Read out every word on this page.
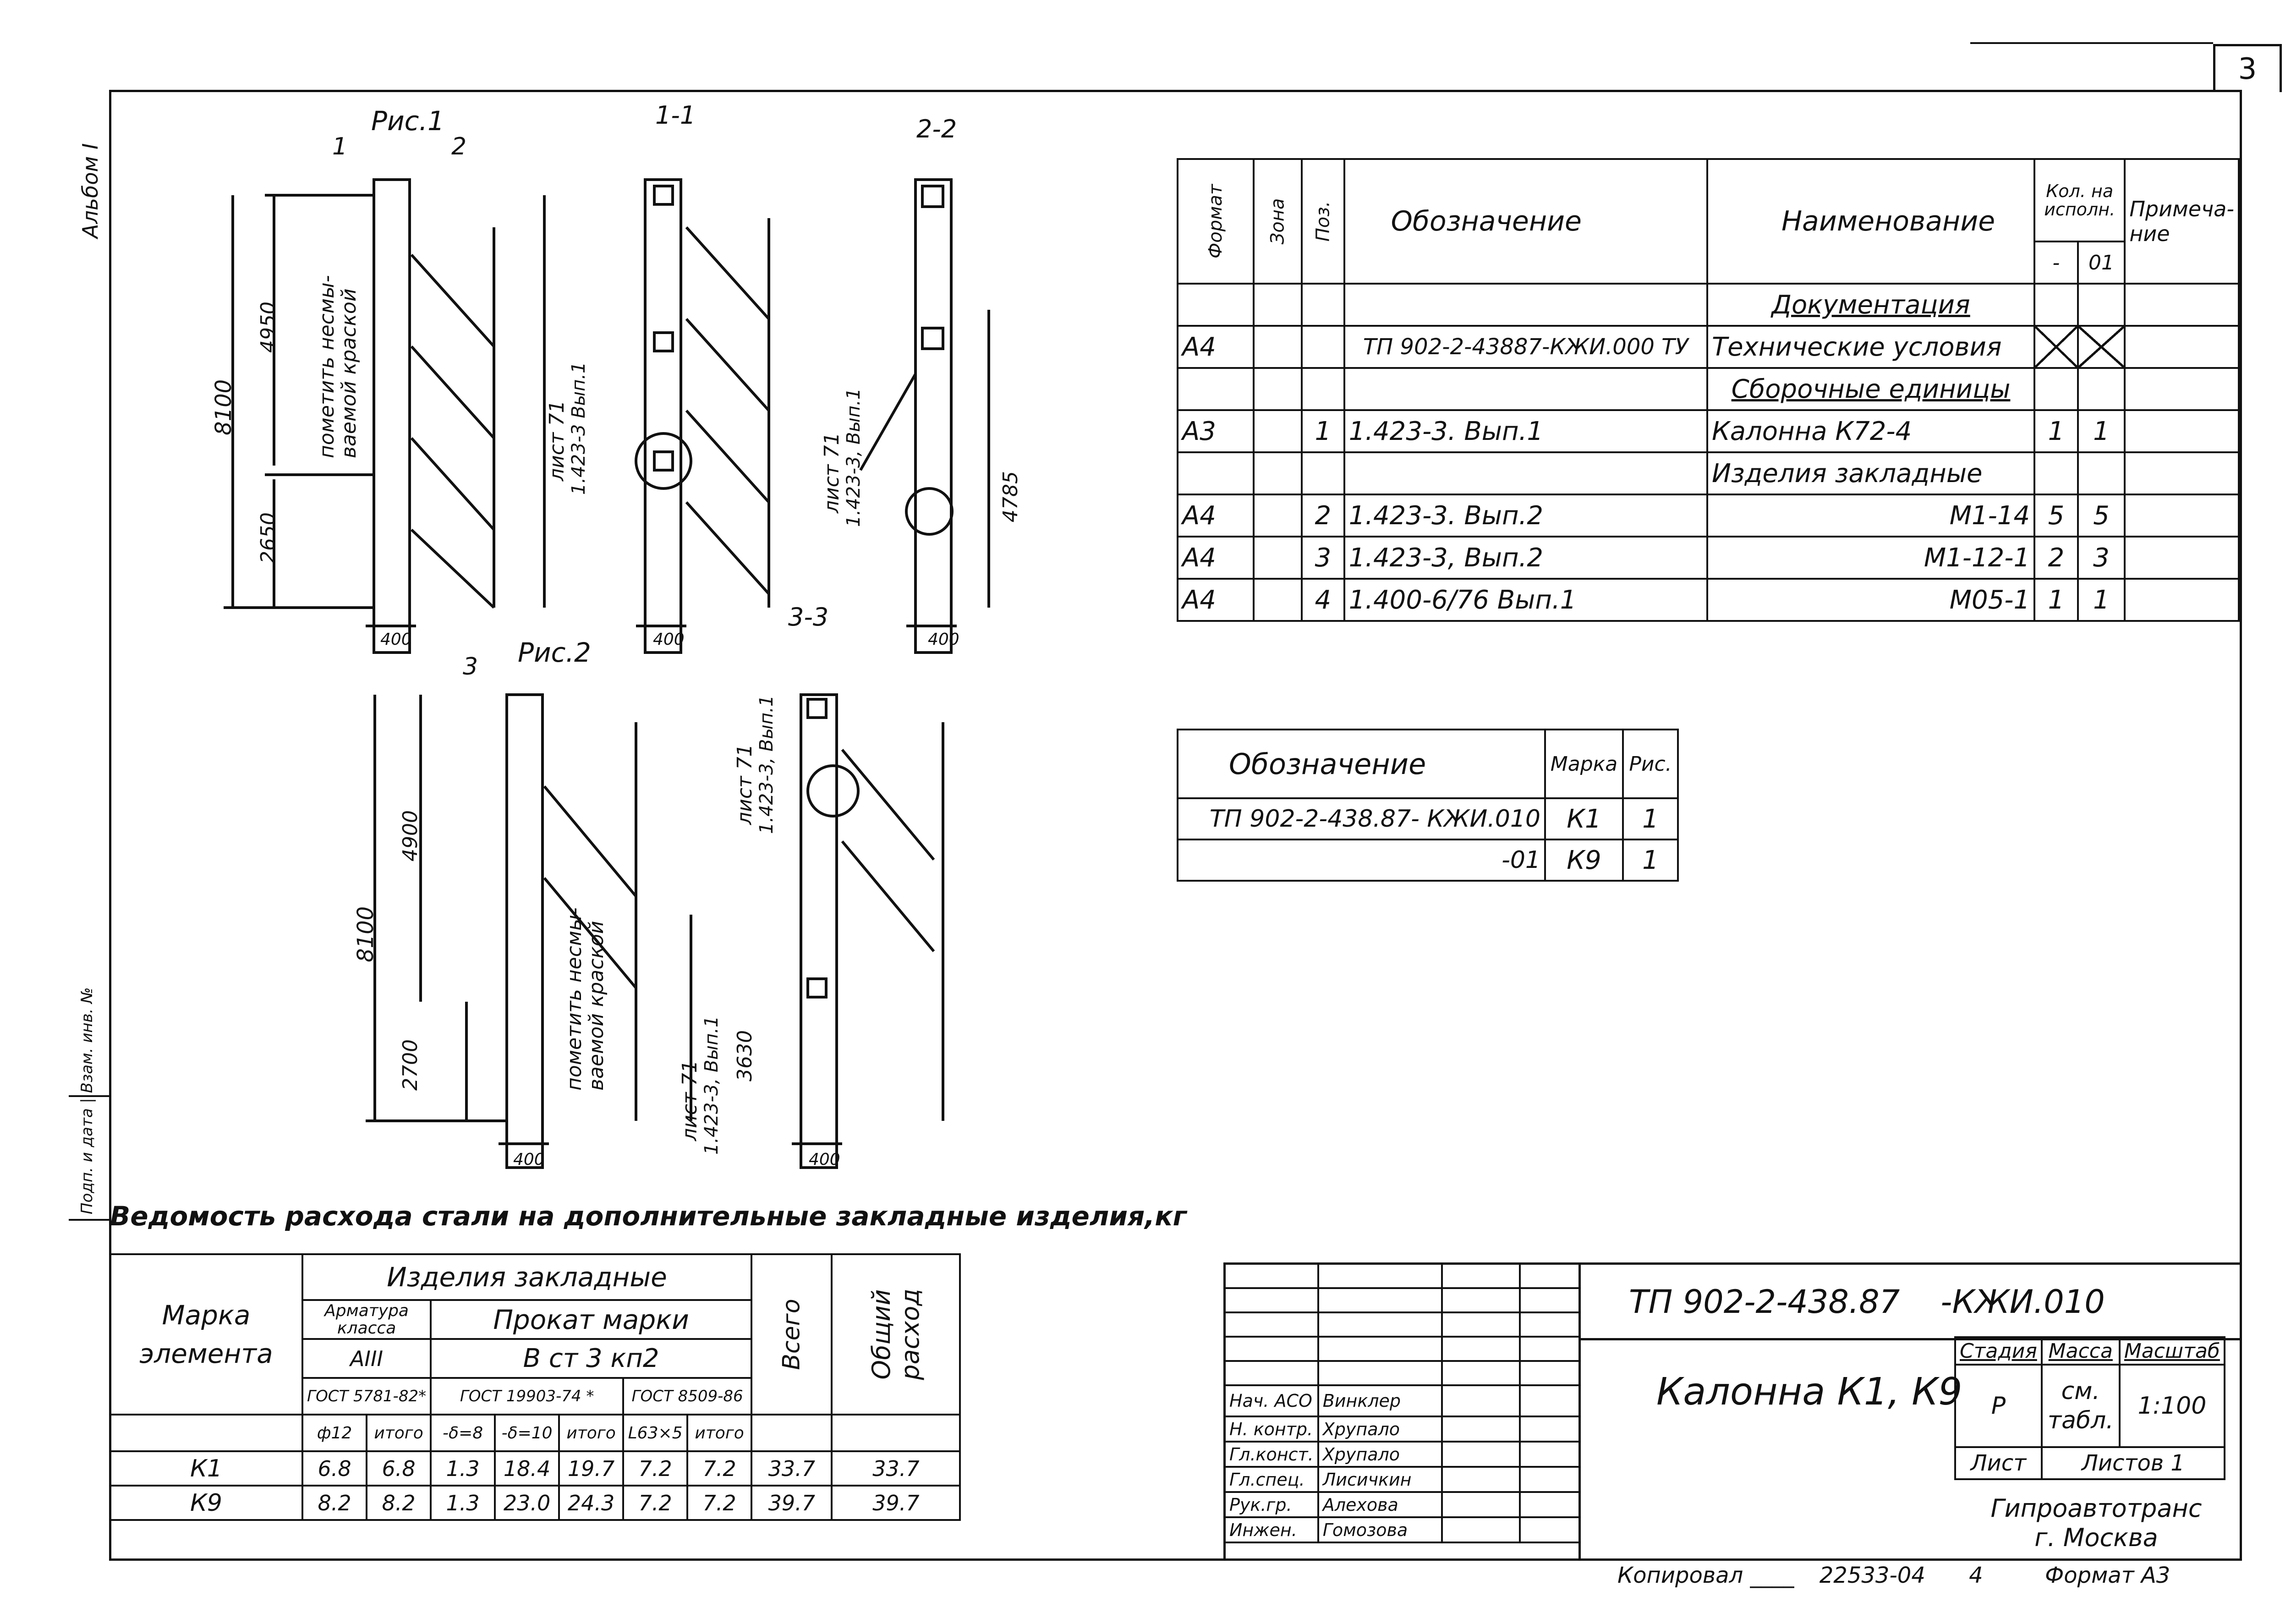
3
Альбом I
Подп. и дата | Взам. инв. №
Рис.1	1-1	2-2
3-3
Рис.2
1	2
3
8100
4950
2650
пометить несмы- ваемой краской	лист 71 1.423-3 Вып.1	лист 71 1.423-3, Вып.1
пометить несмы- ваемой краской
лист 71 1.423-3, Вып.1
лист 71 1.423-3, Вып.1
8100
4900
2700
4785
3630
400	400	400
400	400
Формат	Зона	Поз.	Обозначение	Наименование	Кол. на исполн.		Примеча- ние
					-	01	
				Документация			
А4			ТП 902-2-43887-КЖИ.000 ТУ	Технические условия			
				Сборочные единицы			
А3		1	1.423-3. Вып.1	Калонна К72-4	1	1	
				Изделия закладные			
А4		2	1.423-3. Вып.2	М1-14	5	5	
А4		3	1.423-3, Вып.2	М1-12-1	2	3	
А4		4	1.400-6/76 Вып.1	М05-1	1	1	
Обозначение	Марка	Рис.
ТП 902-2-438.87- КЖИ.010	К1	1
-01	К9	1
Ведомость расхода стали на дополнительные закладные изделия,кг
Марка элемента	Изделия закладные							Всего	Общий расход
	Арматура класса		Прокат марки						
	АIII		В ст 3 кп2						
	ГОСТ 5781-82*		ГОСТ 19903-74 *			ГОСТ 8509-86			
	ф12	итого	-δ=8	-δ=10	итого	L63×5	итого		
К1	6.8	6.8	1.3	18.4	19.7	7.2	7.2	33.7	33.7
К9	8.2	8.2	1.3	23.0	24.3	7.2	7.2	39.7	39.7

Нач. АСО	Винклер		
Н. контр.	Хрупало		
Гл.конст.	Хрупало		
Гл.спец.	Лисичкин		
Рук.гр.	Алехова		
Инжен.	Гомозова		
ТП 902-2-438.87 -КЖИ.010
Калонна К1, К9
Стадия	Масса	Масштаб
Р	см. табл.	1:100
Лист	Листов 1	
Гипроавтотранс
г. Москва
Копировал ____ 22533-04 4	Формат А3
